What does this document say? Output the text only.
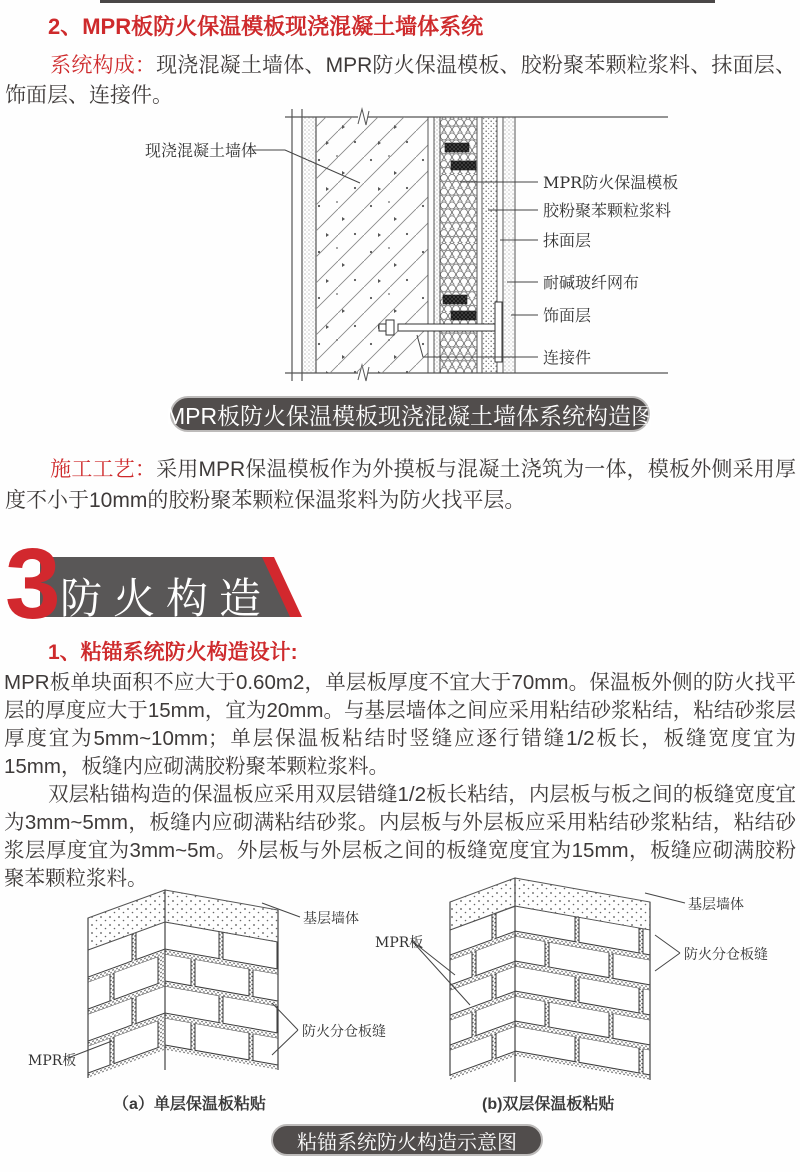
2、MPR板防火保温模板现浇混凝土墙体系统

系统构成：现浇混凝土墙体、MPR防火保温模板、胶粉聚苯颗粒浆料、抹面层、饰面层、连接件。

现浇混凝土墙体
MPR防火保温模板
胶粉聚苯颗粒浆料
抹面层
耐碱玻纤网布
饰面层
连接件
MPR板防火保温模板现浇混凝土墙体系统构造图

施工工艺：采用MPR保温模板作为外摸板与混凝土浇筑为一体，模板外侧采用厚度不小于10mm的胶粉聚苯颗粒保温浆料为防火找平层。

3 防火构造
1、粘锚系统防火构造设计:

MPR板单块面积不应大于0.60m2，单层板厚度不宜大于70mm。保温板外侧的防火找平层的厚度应大于15mm，宜为20mm。与基层墙体之间应采用粘结砂浆粘结，粘结砂浆层厚度宜为5mm~10mm；单层保温板粘结时竖缝应逐行错缝1/2板长，板缝宽度宜为15mm，板缝内应砌满胶粉聚苯颗粒浆料。

双层粘锚构造的保温板应采用双层错缝1/2板长粘结，内层板与板之间的板缝宽度宜为3mm~5mm，板缝内应砌满粘结砂浆。内层板与外层板应采用粘结砂浆粘结，粘结砂浆层厚度宜为3mm~5m。外层板与外层板之间的板缝宽度宜为15mm，板缝应砌满胶粉聚苯颗粒浆料。

基层墙体
防火分仓板缝
MPR板
（a）单层保温板粘贴
基层墙体
防火分仓板缝
MPR板
(b)双层保温板粘贴
粘锚系统防火构造示意图
